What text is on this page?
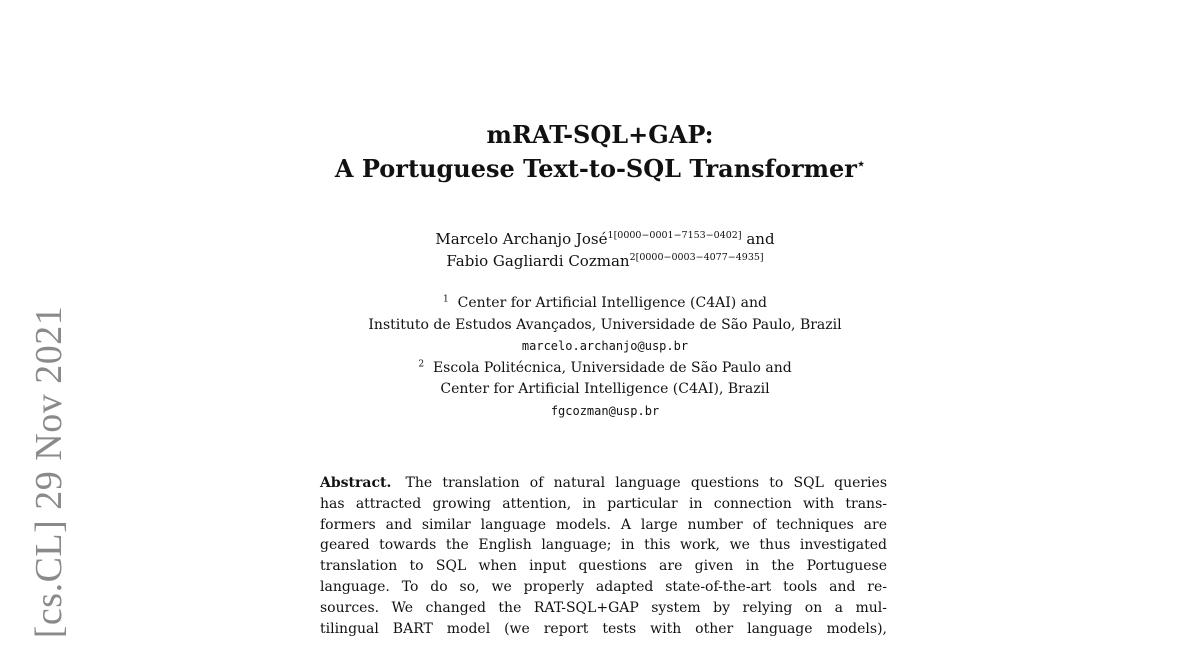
[cs.CL] 29 Nov 2021
mRAT-SQL+GAP:
A Portuguese Text-to-SQL Transformer⋆
Marcelo Archanjo José$^{1[0000-0001-7153-0402]}$ and
Fabio Gagliardi Cozman$^{2[0000-0003-4077-4935]}$
$^1$ Center for Artificial Intelligence (C4AI) and
Instituto de Estudos Avançados, Universidade de São Paulo, Brazil
marcelo.archanjo@usp.br
$^2$ Escola Politécnica, Universidade de São Paulo and
Center for Artificial Intelligence (C4AI), Brazil
fgcozman@usp.br
Abstract. The translation of natural language questions to SQL queries
has attracted growing attention, in particular in connection with trans-
formers and similar language models. A large number of techniques are
geared towards the English language; in this work, we thus investigated
translation to SQL when input questions are given in the Portuguese
language. To do so, we properly adapted state-of-the-art tools and re-
sources. We changed the RAT-SQL+GAP system by relying on a mul-
tilingual BART model (we report tests with other language models),
